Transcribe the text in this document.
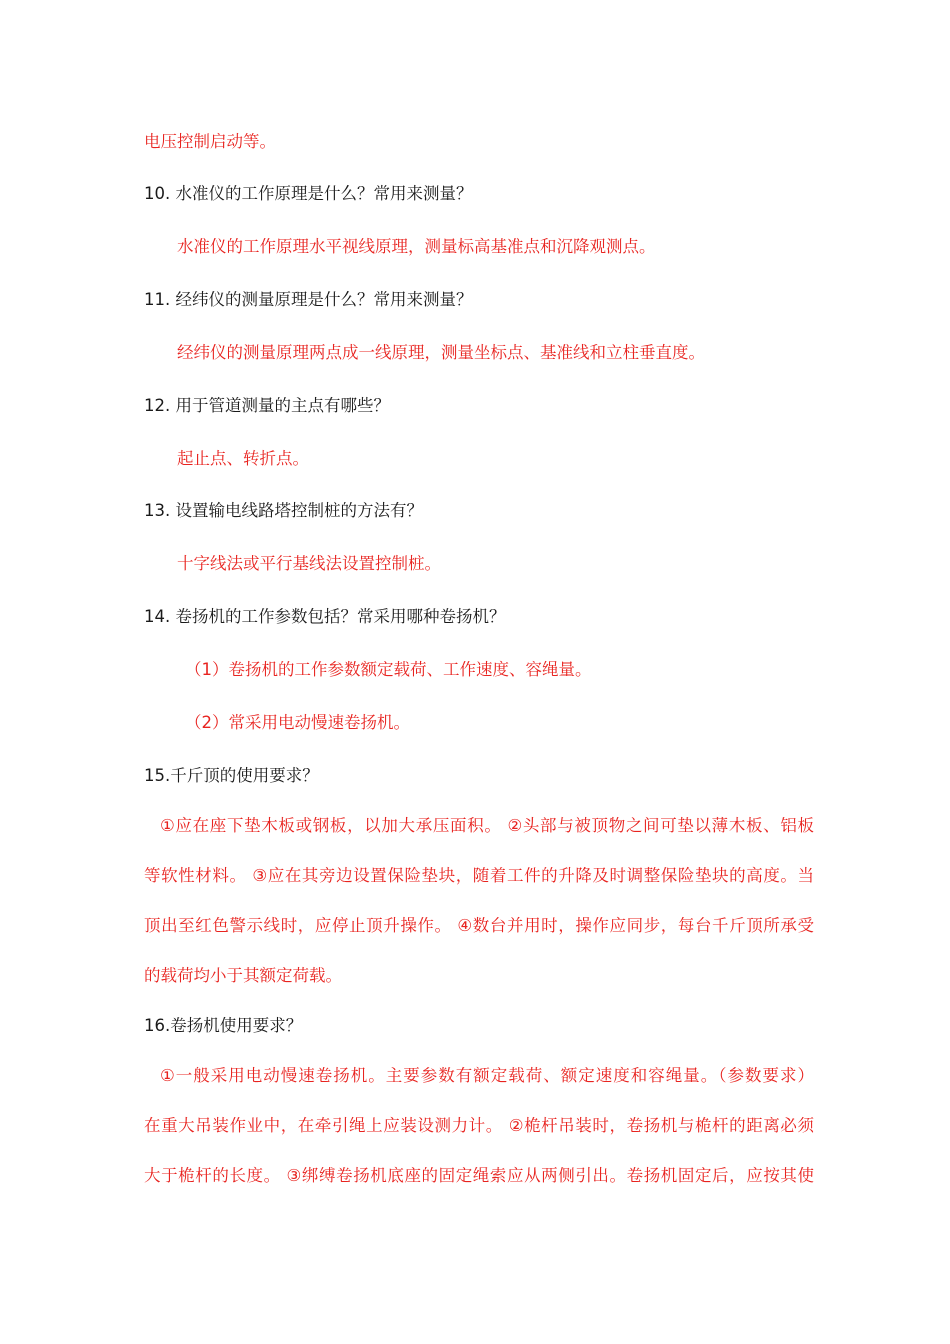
电压控制启动等。
10. 水准仪的工作原理是什么？常用来测量？
水准仪的工作原理水平视线原理，测量标高基准点和沉降观测点。
11. 经纬仪的测量原理是什么？常用来测量？
经纬仪的测量原理两点成一线原理，测量坐标点、基准线和立柱垂直度。
12. 用于管道测量的主点有哪些？
起止点、转折点。
13. 设置输电线路塔控制桩的方法有？
十字线法或平行基线法设置控制桩。
14. 卷扬机的工作参数包括？常采用哪种卷扬机？
（1）卷扬机的工作参数额定载荷、工作速度、容绳量。
（2）常采用电动慢速卷扬机。
15.千斤顶的使用要求？
①应在座下垫木板或钢板，以加大承压面积。 ②头部与被顶物之间可垫以薄木板、铝板
等软性材料。 ③应在其旁边设置保险垫块，随着工件的升降及时调整保险垫块的高度。当
顶出至红色警示线时，应停止顶升操作。 ④数台并用时，操作应同步，每台千斤顶所承受
的载荷均小于其额定荷载。
16.卷扬机使用要求？
①一般采用电动慢速卷扬机。主要参数有额定载荷、额定速度和容绳量。（参数要求）
在重大吊装作业中，在牵引绳上应装设测力计。 ②桅杆吊装时，卷扬机与桅杆的距离必须
大于桅杆的长度。 ③绑缚卷扬机底座的固定绳索应从两侧引出。卷扬机固定后，应按其使
